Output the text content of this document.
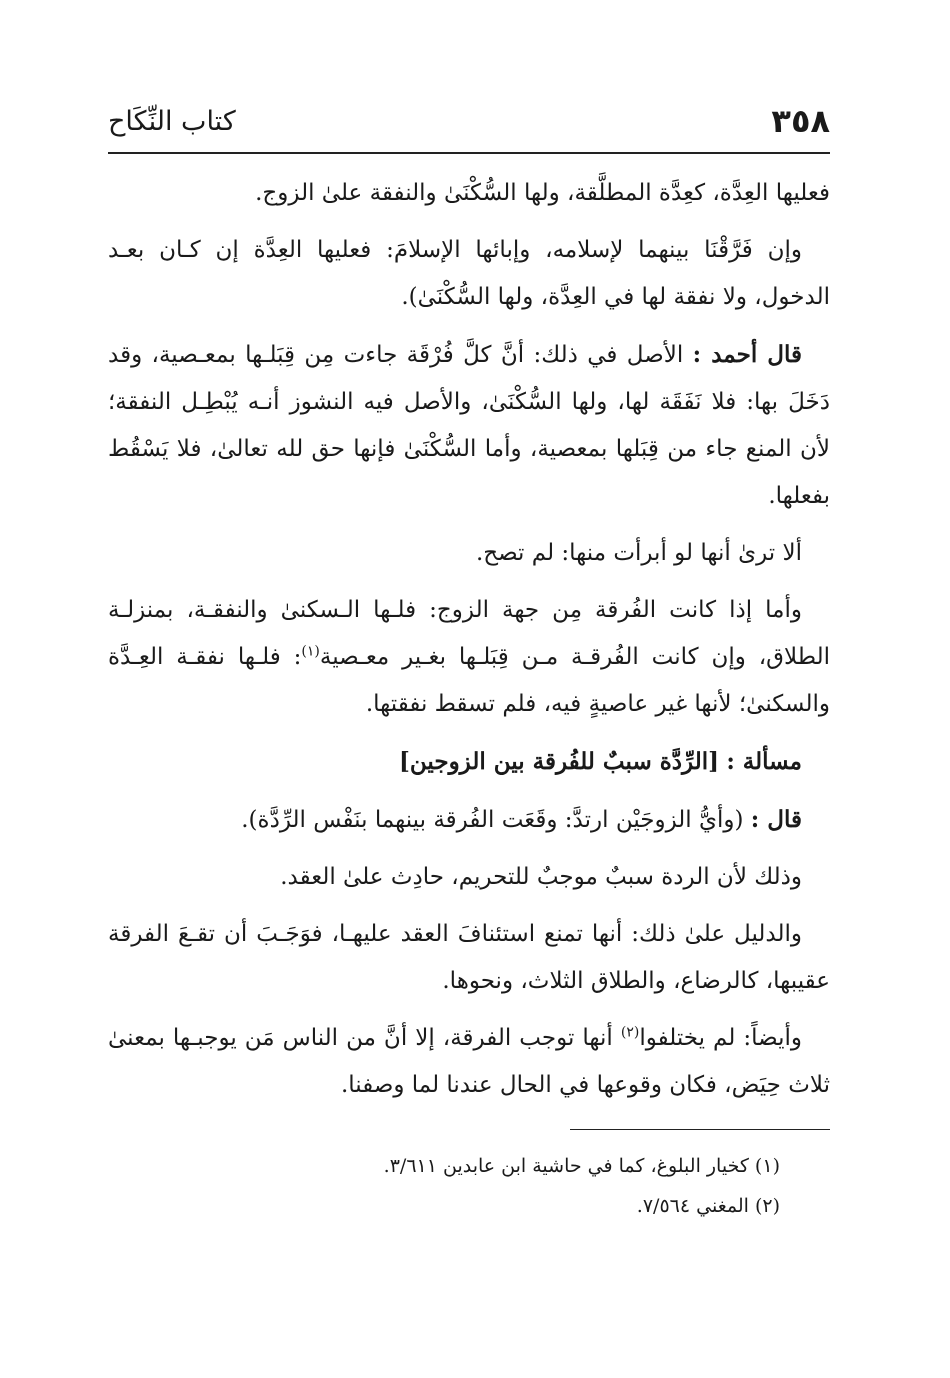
٣٥٨
كتاب النِّكَاح

فعليها العِدَّة، كعِدَّة المطلَّقة، ولها السُّكْنَىٰ والنفقة علىٰ الزوج.

وإن فَرَّقْنَا بينهما لإسلامه، وإبائها الإسلامَ: فعليها العِدَّة إن كـان بعـد الدخول، ولا نفقة لها في العِدَّة، ولها السُّكْنَىٰ).

قال أحمد : الأصل في ذلك: أنَّ كلَّ فُرْقَة جاءت مِن قِبَلـها بمعـصية، وقد دَخَلَ بها: فلا نَفَقَة لها، ولها السُّكْنَىٰ، والأصل فيه النشوز أنـه يُبْطِـل النفقة؛ لأن المنع جاء من قِبَلها بمعصية، وأما السُّكْنَىٰ فإنها حق لله تعالىٰ، فلا يَسْقُط بفعلها.

ألا ترىٰ أنها لو أبرأت منها: لم تصح.

وأما إذا كانت الفُرقة مِن جهة الزوج: فلـها الـسكنىٰ والنفقـة، بمنزلـة الطلاق، وإن كانت الفُرقـة مـن قِبَلـها بغـير معـصية$^{(١)}$: فلـها نفقـة العِـدَّة والسكنىٰ؛ لأنها غير عاصيةٍ فيه، فلم تسقط نفقتها.

مسألة : [الرِّدَّة سببٌ للفُرقة بين الزوجين]

قال : (وأيُّ الزوجَيْن ارتدَّ: وقَعَت الفُرقة بينهما بنَفْس الرِّدَّة).

وذلك لأن الردة سببٌ موجبٌ للتحريم، حادِث علىٰ العقد.

والدليل علىٰ ذلك: أنها تمنع استئنافَ العقد عليهـا، فوَجَـبَ أن تقـعَ الفرقة عقيبها، كالرضاع، والطلاق الثلاث، ونحوها.

وأيضاً: لم يختلفوا$^{(٢)}$ أنها توجب الفرقة، إلا أنَّ من الناس مَن يوجبـها بمعنىٰ ثلاث حِيَض، فكان وقوعها في الحال عندنا لما وصفنا.

(١) كخيار البلوغ، كما في حاشية ابن عابدين ٣/٦١١.
(٢) المغني ٧/٥٦٤.
